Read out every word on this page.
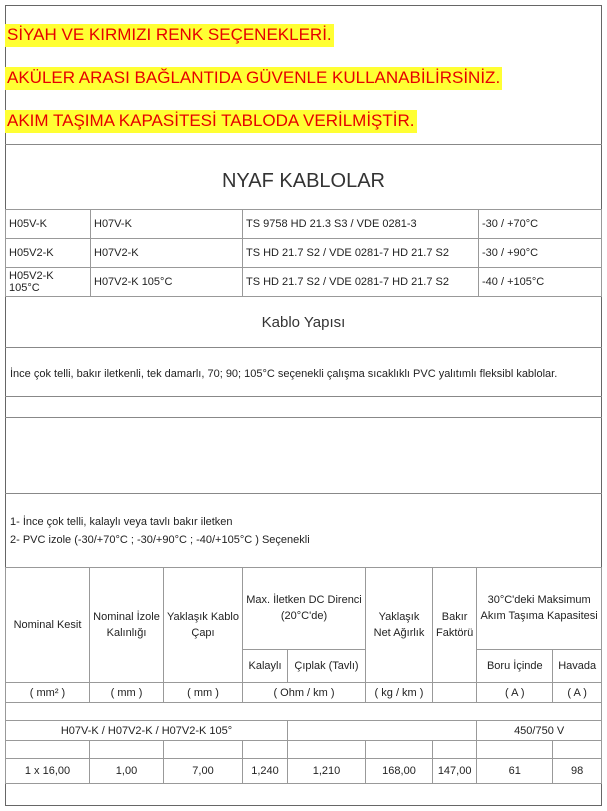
SİYAH VE KIRMIZI RENK SEÇENEKLERİ.
AKÜLER ARASI BAĞLANTIDA GÜVENLE KULLANABİLİRSİNİZ.
AKIM TAŞIMA KAPASİTESİ TABLODA VERİLMİŞTİR.
NYAF KABLOLAR
H05V-K	H07V-K	TS 9758 HD 21.3 S3 / VDE 0281-3	-30 / +70°C
H05V2-K	H07V2-K	TS HD 21.7 S2 / VDE 0281-7 HD 21.7 S2	-30 / +90°C
H05V2-K 105°C	H07V2-K 105°C	TS HD 21.7 S2 / VDE 0281-7 HD 21.7 S2	-40 / +105°C
Kablo Yapısı
İnce çok telli, bakır iletkenli, tek damarlı, 70; 90; 105°C seçenekli çalışma sıcaklıklı PVC yalıtımlı fleksibl kablolar.
1- İnce çok telli, kalaylı veya tavlı bakır iletken
2- PVC izole (-30/+70°C ; -30/+90°C ; -40/+105°C ) Seçenekli
Nominal Kesit	Nominal İzole Kalınlığı	Yaklaşık Kablo Çapı	Max. İletken DC Direnci (20°C'de)		Yaklaşık Net Ağırlık	Bakır Faktörü	30°C'deki Maksimum Akım Taşıma Kapasitesi	
			Kalaylı	Çıplak (Tavlı)			Boru İçinde	Havada
( mm² )	( mm )	( mm )	( Ohm / km )		( kg / km )		( A )	( A )

H07V-K / H07V2-K / H07V2-K 105°							450/750 V	

1 x 16,00	1,00	7,00	1,240	1,210	168,00	147,00	61	98
